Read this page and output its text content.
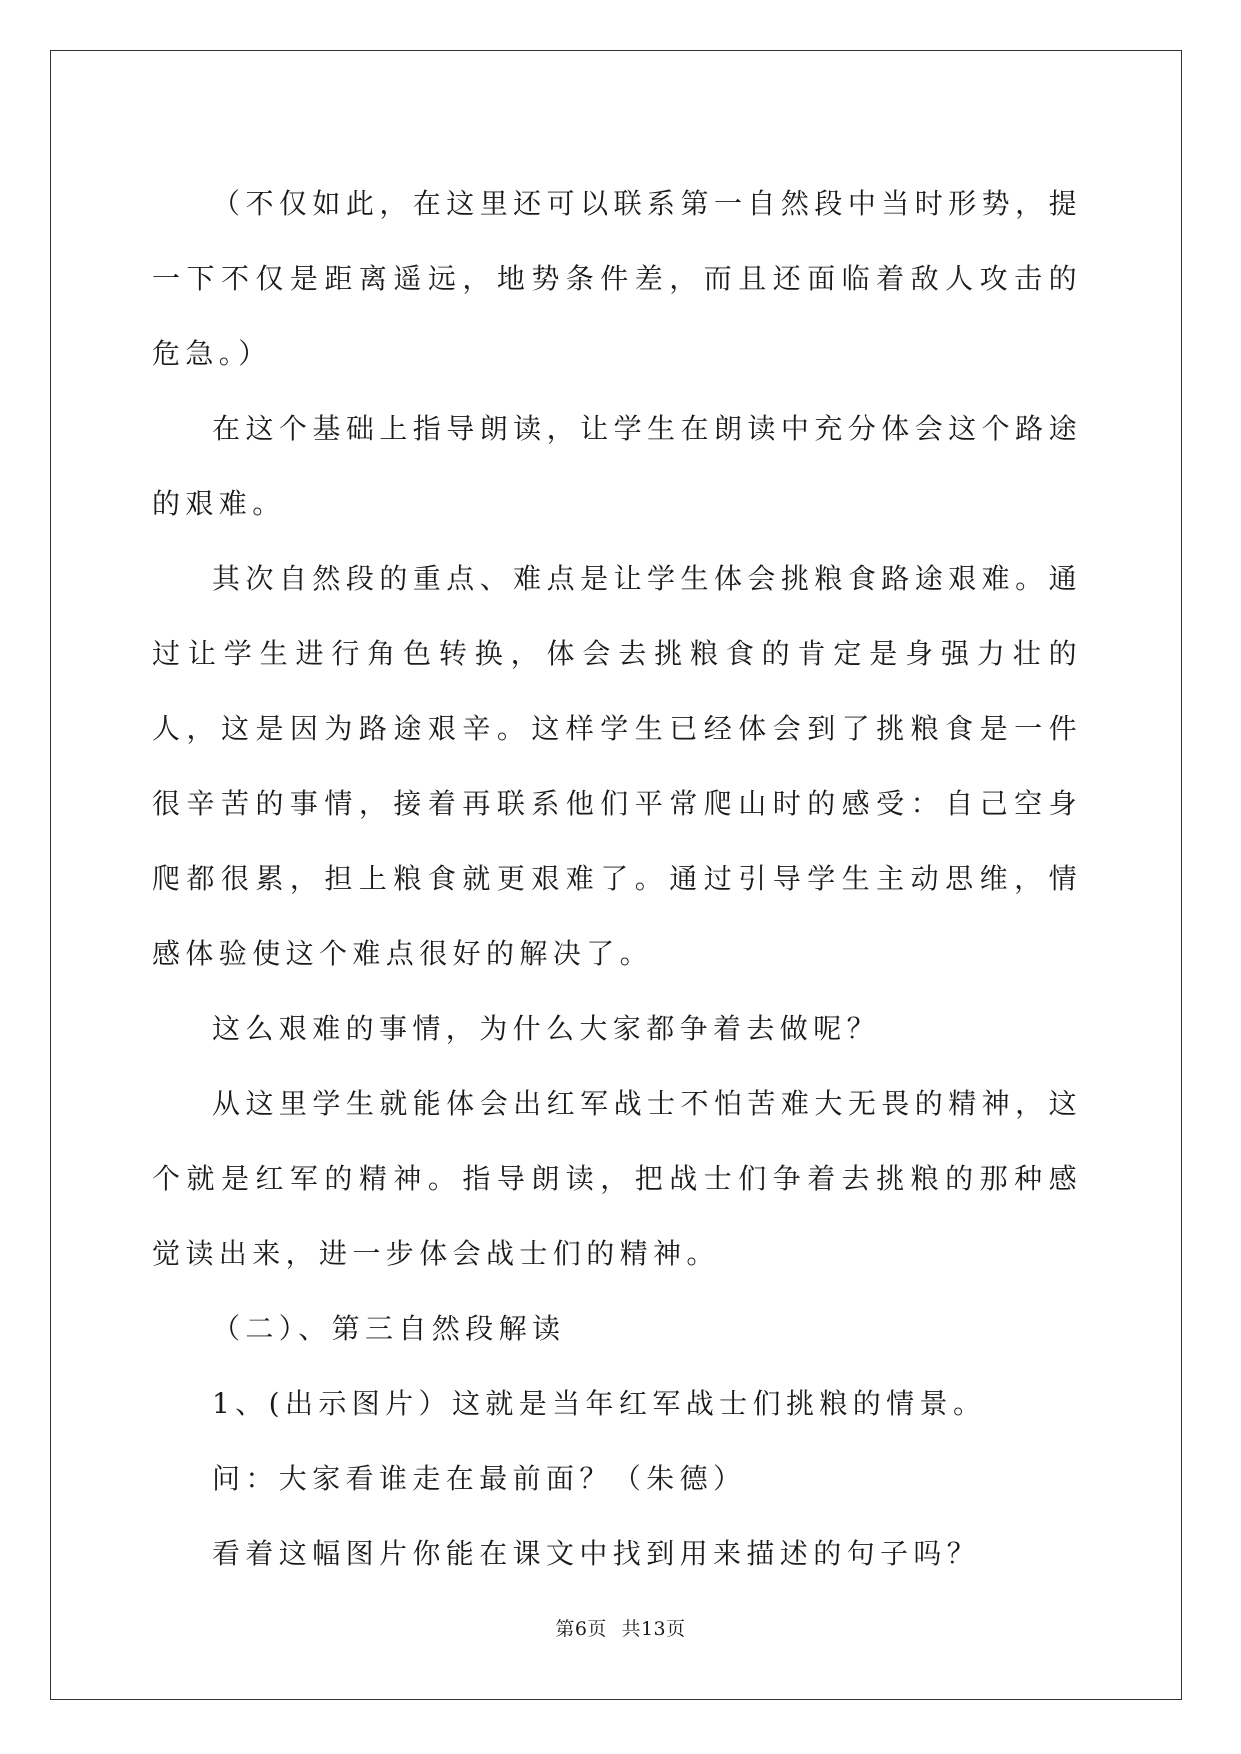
（不仅如此，在这里还可以联系第一自然段中当时形势，提一下不仅是距离遥远，地势条件差，而且还面临着敌人攻击的危急。）

在这个基础上指导朗读，让学生在朗读中充分体会这个路途的艰难。

其次自然段的重点、难点是让学生体会挑粮食路途艰难。通过让学生进行角色转换，体会去挑粮食的肯定是身强力壮的人，这是因为路途艰辛。这样学生已经体会到了挑粮食是一件很辛苦的事情，接着再联系他们平常爬山时的感受：自己空身爬都很累，担上粮食就更艰难了。通过引导学生主动思维，情感体验使这个难点很好的解决了。

这么艰难的事情，为什么大家都争着去做呢？

从这里学生就能体会出红军战士不怕苦难大无畏的精神，这个就是红军的精神。指导朗读，把战士们争着去挑粮的那种感觉读出来，进一步体会战士们的精神。

（二）、第三自然段解读

1、(出示图片）这就是当年红军战士们挑粮的情景。

问：大家看谁走在最前面？（朱德）

看着这幅图片你能在课文中找到用来描述的句子吗？

第6页 共13页
